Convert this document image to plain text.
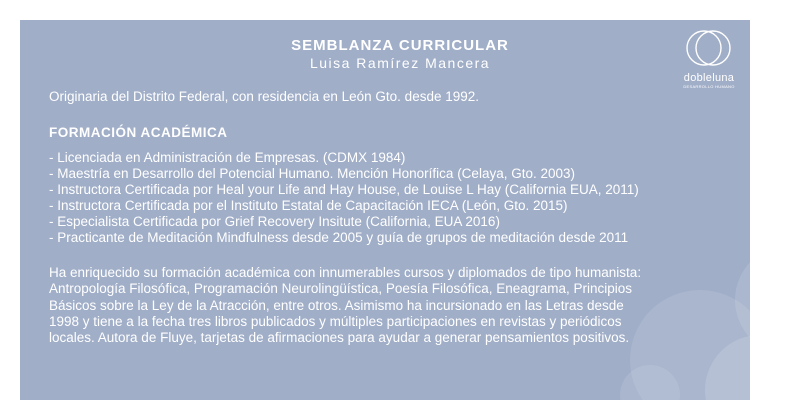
SEMBLANZA CURRICULAR
Luisa Ramírez Mancera
dobleluna
DESARROLLO HUMANO
Originaria del Distrito Federal, con residencia en León Gto. desde 1992.
FORMACIÓN ACADÉMICA
- Licenciada en Administración de Empresas. (CDMX 1984)
- Maestría en Desarrollo del Potencial Humano. Mención Honorífica (Celaya, Gto. 2003)
- Instructora Certificada por Heal your Life and Hay House, de Louise L Hay (California EUA, 2011)
- Instructora Certificada por el Instituto Estatal de Capacitación IECA (León, Gto. 2015)
- Especialista Certificada por Grief Recovery Insitute (California, EUA 2016)
- Practicante de Meditación Mindfulness desde 2005 y guía de grupos de meditación desde 2011
Ha enriquecido su formación académica con innumerables cursos y diplomados de tipo humanista:
Antropología Filosófica, Programación Neurolingüística, Poesía Filosófica, Eneagrama, Principios
Básicos sobre la Ley de la Atracción, entre otros. Asimismo ha incursionado en las Letras desde
1998 y tiene a la fecha tres libros publicados y múltiples participaciones en revistas y periódicos
locales. Autora de Fluye, tarjetas de afirmaciones para ayudar a generar pensamientos positivos.
